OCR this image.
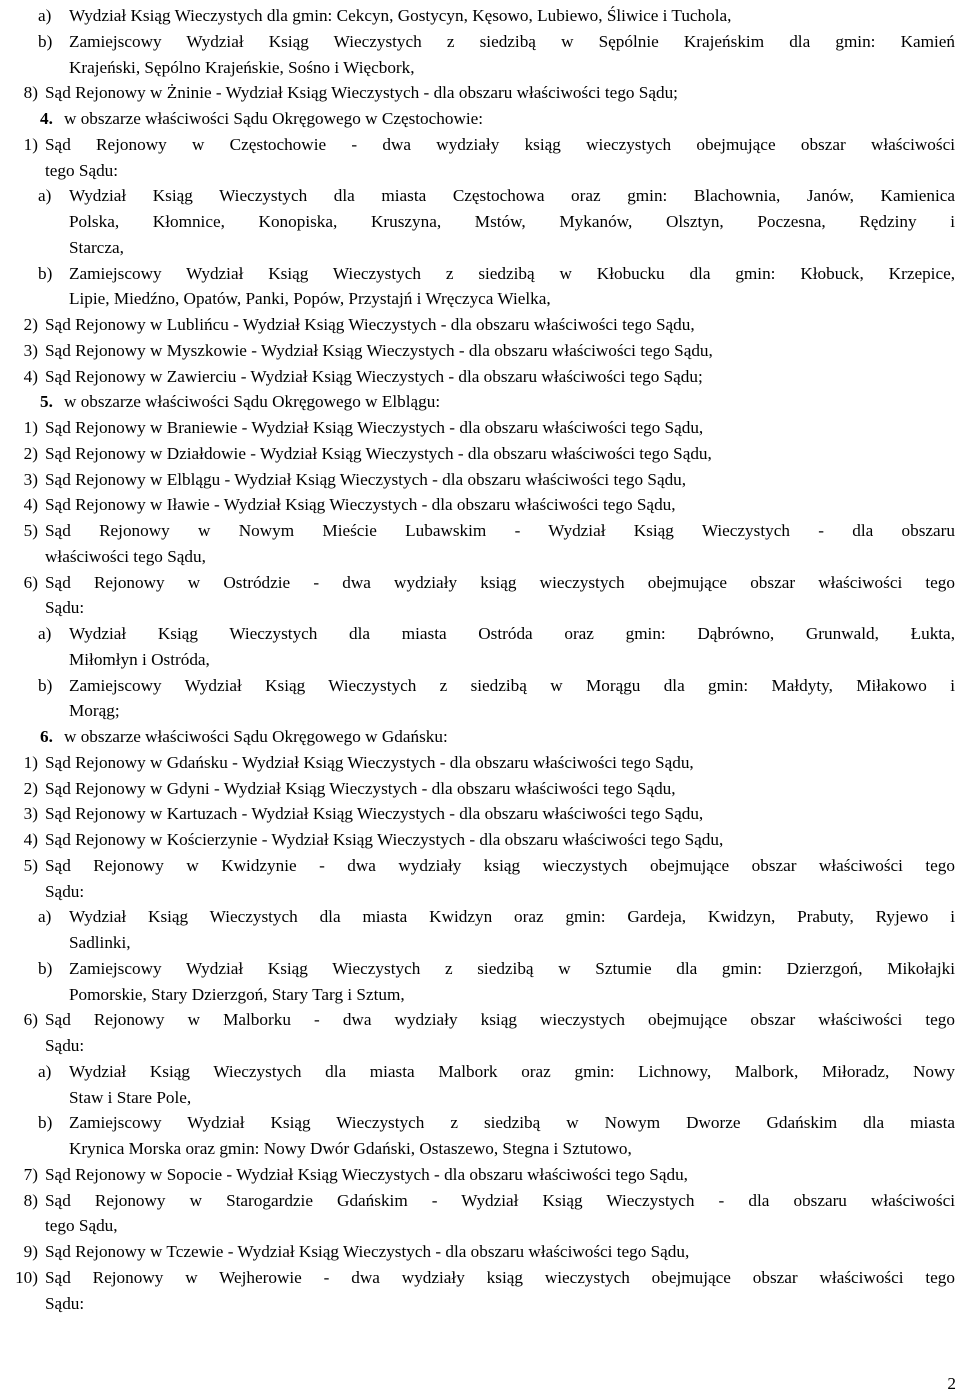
a) Wydział Ksiąg Wieczystych dla gmin: Cekcyn, Gostycyn, Kęsowo, Lubiewo, Śliwice i Tuchola,
b) Zamiejscowy Wydział Ksiąg Wieczystych z siedzibą w Sępólnie Krajeńskim dla gmin: Kamień
Krajeński, Sępólno Krajeńskie, Sośno i Więcbork,
8) Sąd Rejonowy w Żninie - Wydział Ksiąg Wieczystych - dla obszaru właściwości tego Sądu;
4. w obszarze właściwości Sądu Okręgowego w Częstochowie:
1) Sąd Rejonowy w Częstochowie - dwa wydziały ksiąg wieczystych obejmujące obszar właściwości
tego Sądu:
a) Wydział Ksiąg Wieczystych dla miasta Częstochowa oraz gmin: Blachownia, Janów, Kamienica
Polska, Kłomnice, Konopiska, Kruszyna, Mstów, Mykanów, Olsztyn, Poczesna, Rędziny i
Starcza,
b) Zamiejscowy Wydział Ksiąg Wieczystych z siedzibą w Kłobucku dla gmin: Kłobuck, Krzepice,
Lipie, Miedźno, Opatów, Panki, Popów, Przystajń i Wręczyca Wielka,
2) Sąd Rejonowy w Lublińcu - Wydział Ksiąg Wieczystych - dla obszaru właściwości tego Sądu,
3) Sąd Rejonowy w Myszkowie - Wydział Ksiąg Wieczystych - dla obszaru właściwości tego Sądu,
4) Sąd Rejonowy w Zawierciu - Wydział Ksiąg Wieczystych - dla obszaru właściwości tego Sądu;
5. w obszarze właściwości Sądu Okręgowego w Elblągu:
1) Sąd Rejonowy w Braniewie - Wydział Ksiąg Wieczystych - dla obszaru właściwości tego Sądu,
2) Sąd Rejonowy w Działdowie - Wydział Ksiąg Wieczystych - dla obszaru właściwości tego Sądu,
3) Sąd Rejonowy w Elblągu - Wydział Ksiąg Wieczystych - dla obszaru właściwości tego Sądu,
4) Sąd Rejonowy w Iławie - Wydział Ksiąg Wieczystych - dla obszaru właściwości tego Sądu,
5) Sąd Rejonowy w Nowym Mieście Lubawskim - Wydział Ksiąg Wieczystych - dla obszaru
właściwości tego Sądu,
6) Sąd Rejonowy w Ostródzie - dwa wydziały ksiąg wieczystych obejmujące obszar właściwości tego
Sądu:
a) Wydział Ksiąg Wieczystych dla miasta Ostróda oraz gmin: Dąbrówno, Grunwald, Łukta,
Miłomłyn i Ostróda,
b) Zamiejscowy Wydział Ksiąg Wieczystych z siedzibą w Morągu dla gmin: Małdyty, Miłakowo i
Morąg;
6. w obszarze właściwości Sądu Okręgowego w Gdańsku:
1) Sąd Rejonowy w Gdańsku - Wydział Ksiąg Wieczystych - dla obszaru właściwości tego Sądu,
2) Sąd Rejonowy w Gdyni - Wydział Ksiąg Wieczystych - dla obszaru właściwości tego Sądu,
3) Sąd Rejonowy w Kartuzach - Wydział Ksiąg Wieczystych - dla obszaru właściwości tego Sądu,
4) Sąd Rejonowy w Kościerzynie - Wydział Ksiąg Wieczystych - dla obszaru właściwości tego Sądu,
5) Sąd Rejonowy w Kwidzynie - dwa wydziały ksiąg wieczystych obejmujące obszar właściwości tego
Sądu:
a) Wydział Ksiąg Wieczystych dla miasta Kwidzyn oraz gmin: Gardeja, Kwidzyn, Prabuty, Ryjewo i
Sadlinki,
b) Zamiejscowy Wydział Ksiąg Wieczystych z siedzibą w Sztumie dla gmin: Dzierzgoń, Mikołajki
Pomorskie, Stary Dzierzgoń, Stary Targ i Sztum,
6) Sąd Rejonowy w Malborku - dwa wydziały ksiąg wieczystych obejmujące obszar właściwości tego
Sądu:
a) Wydział Ksiąg Wieczystych dla miasta Malbork oraz gmin: Lichnowy, Malbork, Miłoradz, Nowy
Staw i Stare Pole,
b) Zamiejscowy Wydział Ksiąg Wieczystych z siedzibą w Nowym Dworze Gdańskim dla miasta
Krynica Morska oraz gmin: Nowy Dwór Gdański, Ostaszewo, Stegna i Sztutowo,
7) Sąd Rejonowy w Sopocie - Wydział Ksiąg Wieczystych - dla obszaru właściwości tego Sądu,
8) Sąd Rejonowy w Starogardzie Gdańskim - Wydział Ksiąg Wieczystych - dla obszaru właściwości
tego Sądu,
9) Sąd Rejonowy w Tczewie - Wydział Ksiąg Wieczystych - dla obszaru właściwości tego Sądu,
10) Sąd Rejonowy w Wejherowie - dwa wydziały ksiąg wieczystych obejmujące obszar właściwości tego
Sądu:
2
